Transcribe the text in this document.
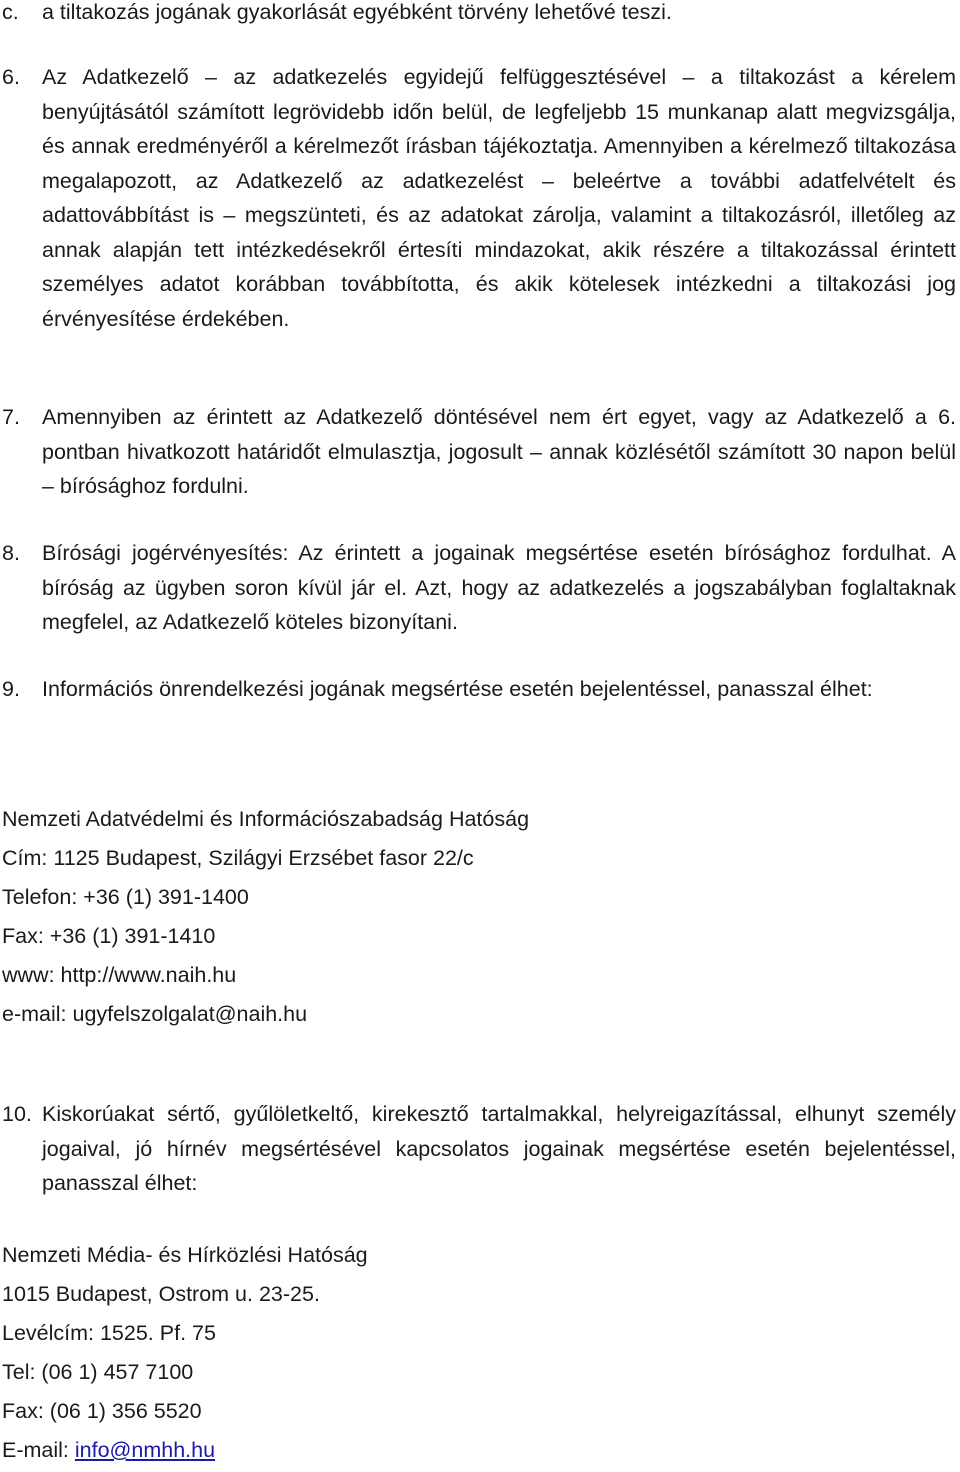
c. a tiltakozás jogának gyakorlását egyébként törvény lehetővé teszi.

6. Az Adatkezelő – az adatkezelés egyidejű felfüggesztésével – a tiltakozást a kérelem benyújtásától számított legrövidebb időn belül, de legfeljebb 15 munkanap alatt megvizsgálja, és annak eredményéről a kérelmezőt írásban tájékoztatja. Amennyiben a kérelmező tiltakozása megalapozott, az Adatkezelő az adatkezelést – beleértve a további adatfelvételt és adattovábbítást is – megszünteti, és az adatokat zárolja, valamint a tiltakozásról, illetőleg az annak alapján tett intézkedésekről értesíti mindazokat, akik részére a tiltakozással érintett személyes adatot korábban továbbította, és akik kötelesek intézkedni a tiltakozási jog érvényesítése érdekében.

7. Amennyiben az érintett az Adatkezelő döntésével nem ért egyet, vagy az Adatkezelő a 6. pontban hivatkozott határidőt elmulasztja, jogosult – annak közlésétől számított 30 napon belül – bírósághoz fordulni.

8. Bírósági jogérvényesítés: Az érintett a jogainak megsértése esetén bírósághoz fordulhat. A bíróság az ügyben soron kívül jár el. Azt, hogy az adatkezelés a jogszabályban foglaltaknak megfelel, az Adatkezelő köteles bizonyítani.

9. Információs önrendelkezési jogának megsértése esetén bejelentéssel, panasszal élhet:

Nemzeti Adatvédelmi és Információszabadság Hatóság
Cím: 1125 Budapest, Szilágyi Erzsébet fasor 22/c
Telefon: +36 (1) 391-1400
Fax: +36 (1) 391-1410
www: http://www.naih.hu
e-mail: ugyfelszolgalat@naih.hu
10. Kiskorúakat sértő, gyűlöletkeltő, kirekesztő tartalmakkal, helyreigazítással, elhunyt személy jogaival, jó hírnév megsértésével kapcsolatos jogainak megsértése esetén bejelentéssel, panasszal élhet:

Nemzeti Média- és Hírközlési Hatóság
1015 Budapest, Ostrom u. 23-25.
Levélcím: 1525. Pf. 75
Tel: (06 1) 457 7100
Fax: (06 1) 356 5520
E-mail: info@nmhh.hu
